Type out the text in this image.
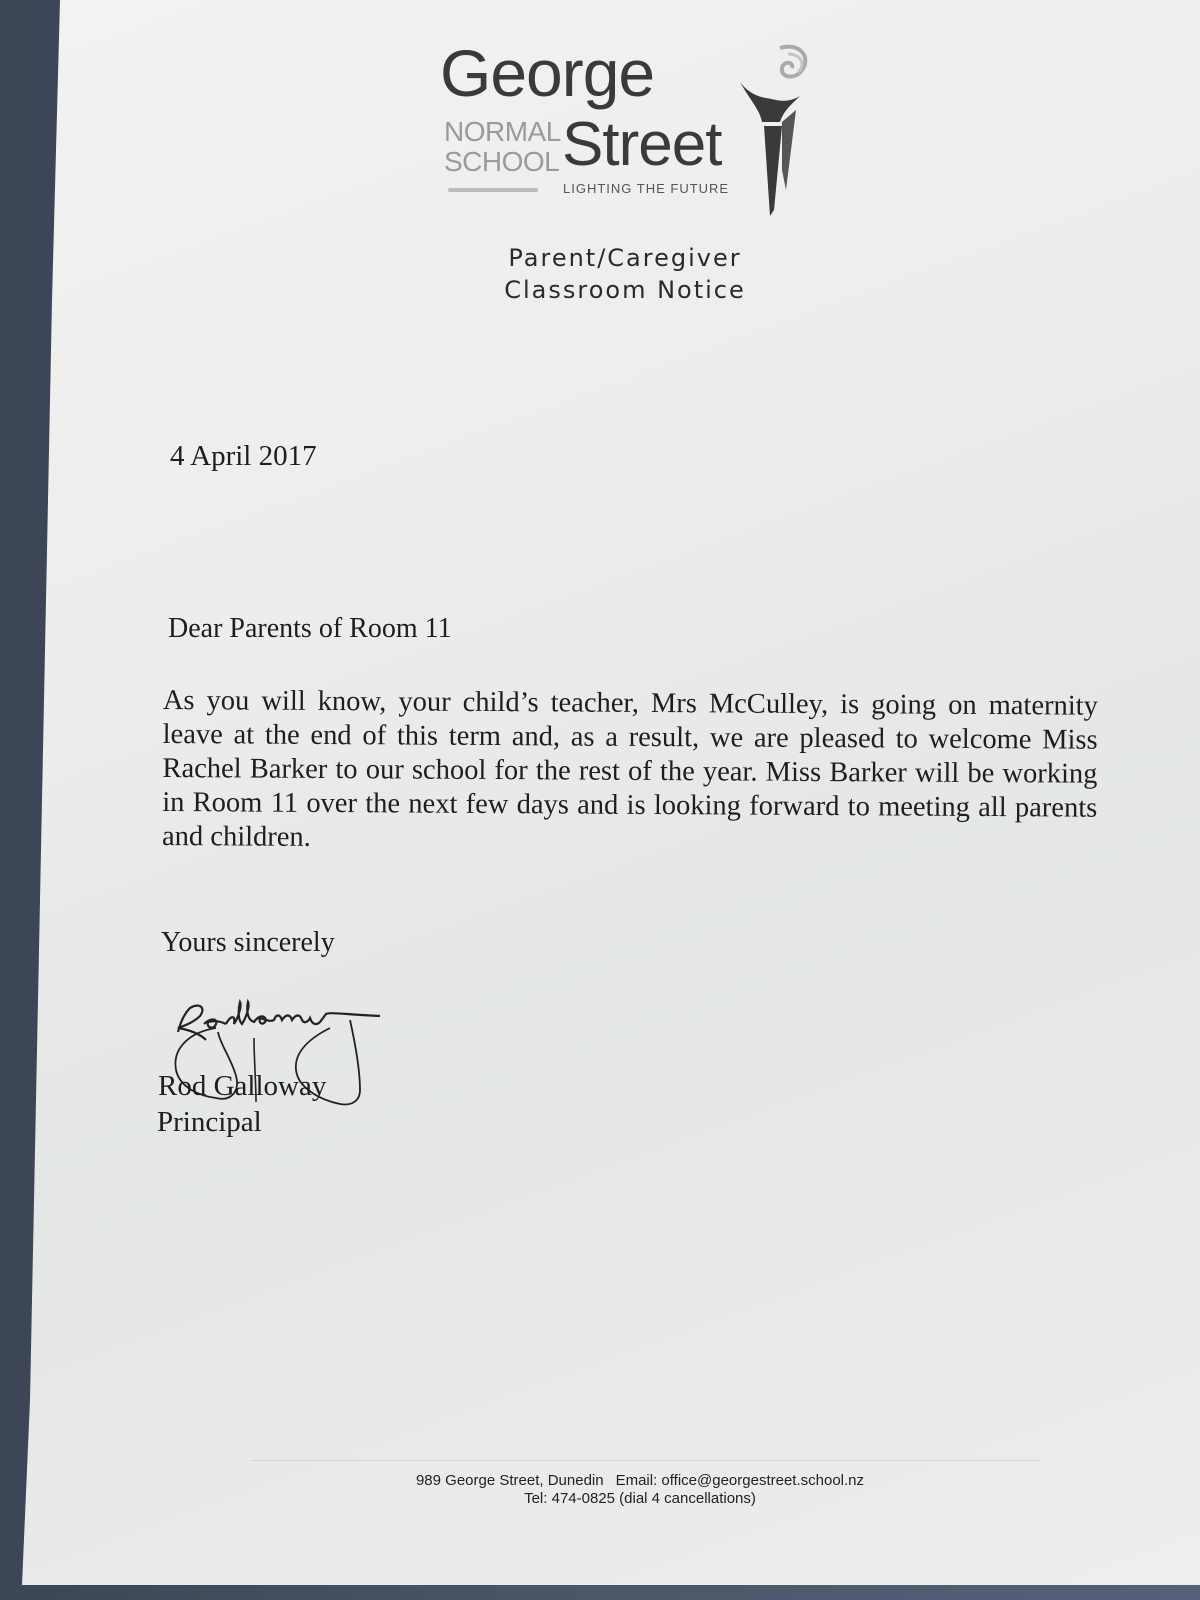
George
NORMAL
SCHOOL Street
LIGHTING THE FUTURE
Parent/Caregiver
Classroom Notice
4 April 2017
Dear Parents of Room 11
As you will know, your child’s teacher, Mrs McCulley, is going on maternity leave at the end of this term and, as a result, we are pleased to welcome Miss Rachel Barker to our school for the rest of the year. Miss Barker will be working in Room 11 over the next few days and is looking forward to meeting all parents and children.
Yours sincerely
Rod Galloway
Principal
989 George Street, Dunedin Email: office@georgestreet.school.nz
Tel: 474-0825 (dial 4 cancellations)
